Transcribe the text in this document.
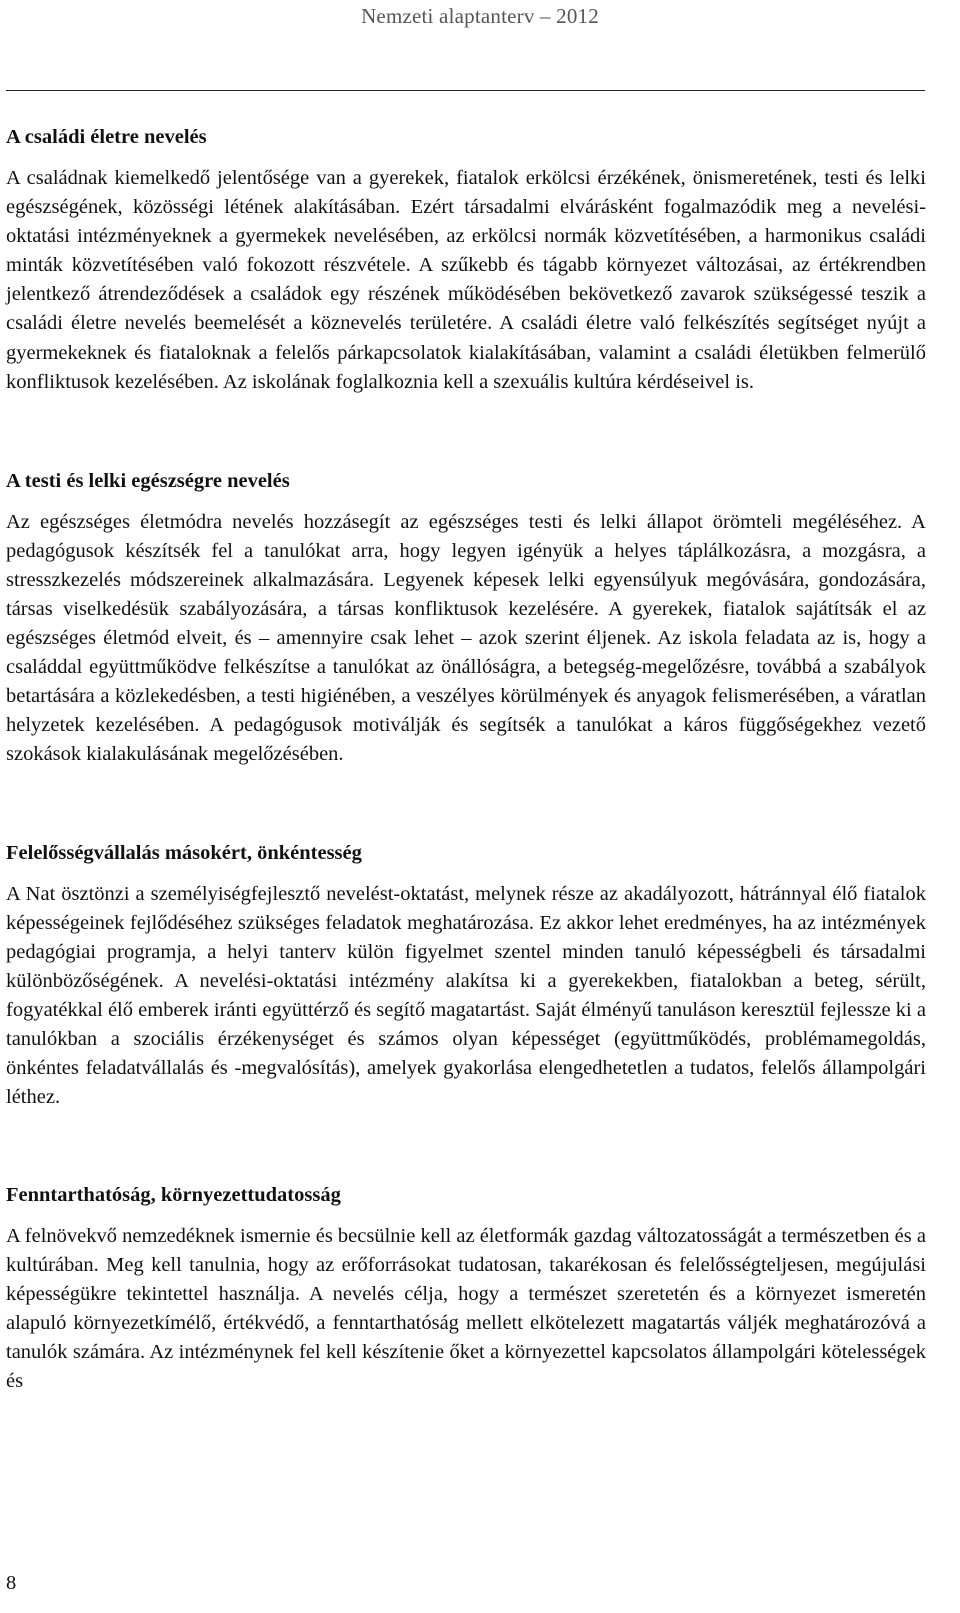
Nemzeti alaptanterv – 2012

A családi életre nevelés

A családnak kiemelkedő jelentősége van a gyerekek, fiatalok erkölcsi érzékének, önismeretének, testi és lelki egészségének, közösségi létének alakításában. Ezért társadalmi elvárásként fogalmazódik meg a nevelési-oktatási intézményeknek a gyermekek nevelésében, az erkölcsi normák közvetítésében, a harmonikus családi minták közvetítésében való fokozott részvétele. A szűkebb és tágabb környezet változásai, az értékrendben jelentkező átrendeződések a családok egy részének működésében bekövetkező zavarok szükségessé teszik a családi életre nevelés beemelését a köznevelés területére. A családi életre való felkészítés segítséget nyújt a gyermekeknek és fiataloknak a felelős párkapcsolatok kialakításában, valamint a családi életükben felmerülő konfliktusok kezelésében. Az iskolának foglalkoznia kell a szexuális kultúra kérdéseivel is.

A testi és lelki egészségre nevelés

Az egészséges életmódra nevelés hozzásegít az egészséges testi és lelki állapot örömteli megéléséhez. A pedagógusok készítsék fel a tanulókat arra, hogy legyen igényük a helyes táplálkozásra, a mozgásra, a stresszkezelés módszereinek alkalmazására. Legyenek képesek lelki egyensúlyuk megóvására, gondozására, társas viselkedésük szabályozására, a társas konfliktusok kezelésére. A gyerekek, fiatalok sajátítsák el az egészséges életmód elveit, és – amennyire csak lehet – azok szerint éljenek. Az iskola feladata az is, hogy a családdal együttműködve felkészítse a tanulókat az önállóságra, a betegség-megelőzésre, továbbá a szabályok betartására a közlekedésben, a testi higiénében, a veszélyes körülmények és anyagok felismerésében, a váratlan helyzetek kezelésében. A pedagógusok motiválják és segítsék a tanulókat a káros függőségekhez vezető szokások kialakulásának megelőzésében.

Felelősségvállalás másokért, önkéntesség

A Nat ösztönzi a személyiségfejlesztő nevelést-oktatást, melynek része az akadályozott, hátránnyal élő fiatalok képességeinek fejlődéséhez szükséges feladatok meghatározása. Ez akkor lehet eredményes, ha az intézmények pedagógiai programja, a helyi tanterv külön figyelmet szentel minden tanuló képességbeli és társadalmi különbözőségének. A nevelési-oktatási intézmény alakítsa ki a gyerekekben, fiatalokban a beteg, sérült, fogyatékkal élő emberek iránti együttérző és segítő magatartást. Saját élményű tanuláson keresztül fejlessze ki a tanulókban a szociális érzékenységet és számos olyan képességet (együttműködés, problémamegoldás, önkéntes feladatvállalás és -megvalósítás), amelyek gyakorlása elengedhetetlen a tudatos, felelős állampolgári léthez.

Fenntarthatóság, környezettudatosság

A felnövekvő nemzedéknek ismernie és becsülnie kell az életformák gazdag változatosságát a természetben és a kultúrában. Meg kell tanulnia, hogy az erőforrásokat tudatosan, takarékosan és felelősségteljesen, megújulási képességükre tekintettel használja. A nevelés célja, hogy a természet szeretetén és a környezet ismeretén alapuló környezetkímélő, értékvédő, a fenntarthatóság mellett elkötelezett magatartás váljék meghatározóvá a tanulók számára. Az intézménynek fel kell készítenie őket a környezettel kapcsolatos állampolgári kötelességek és

8
